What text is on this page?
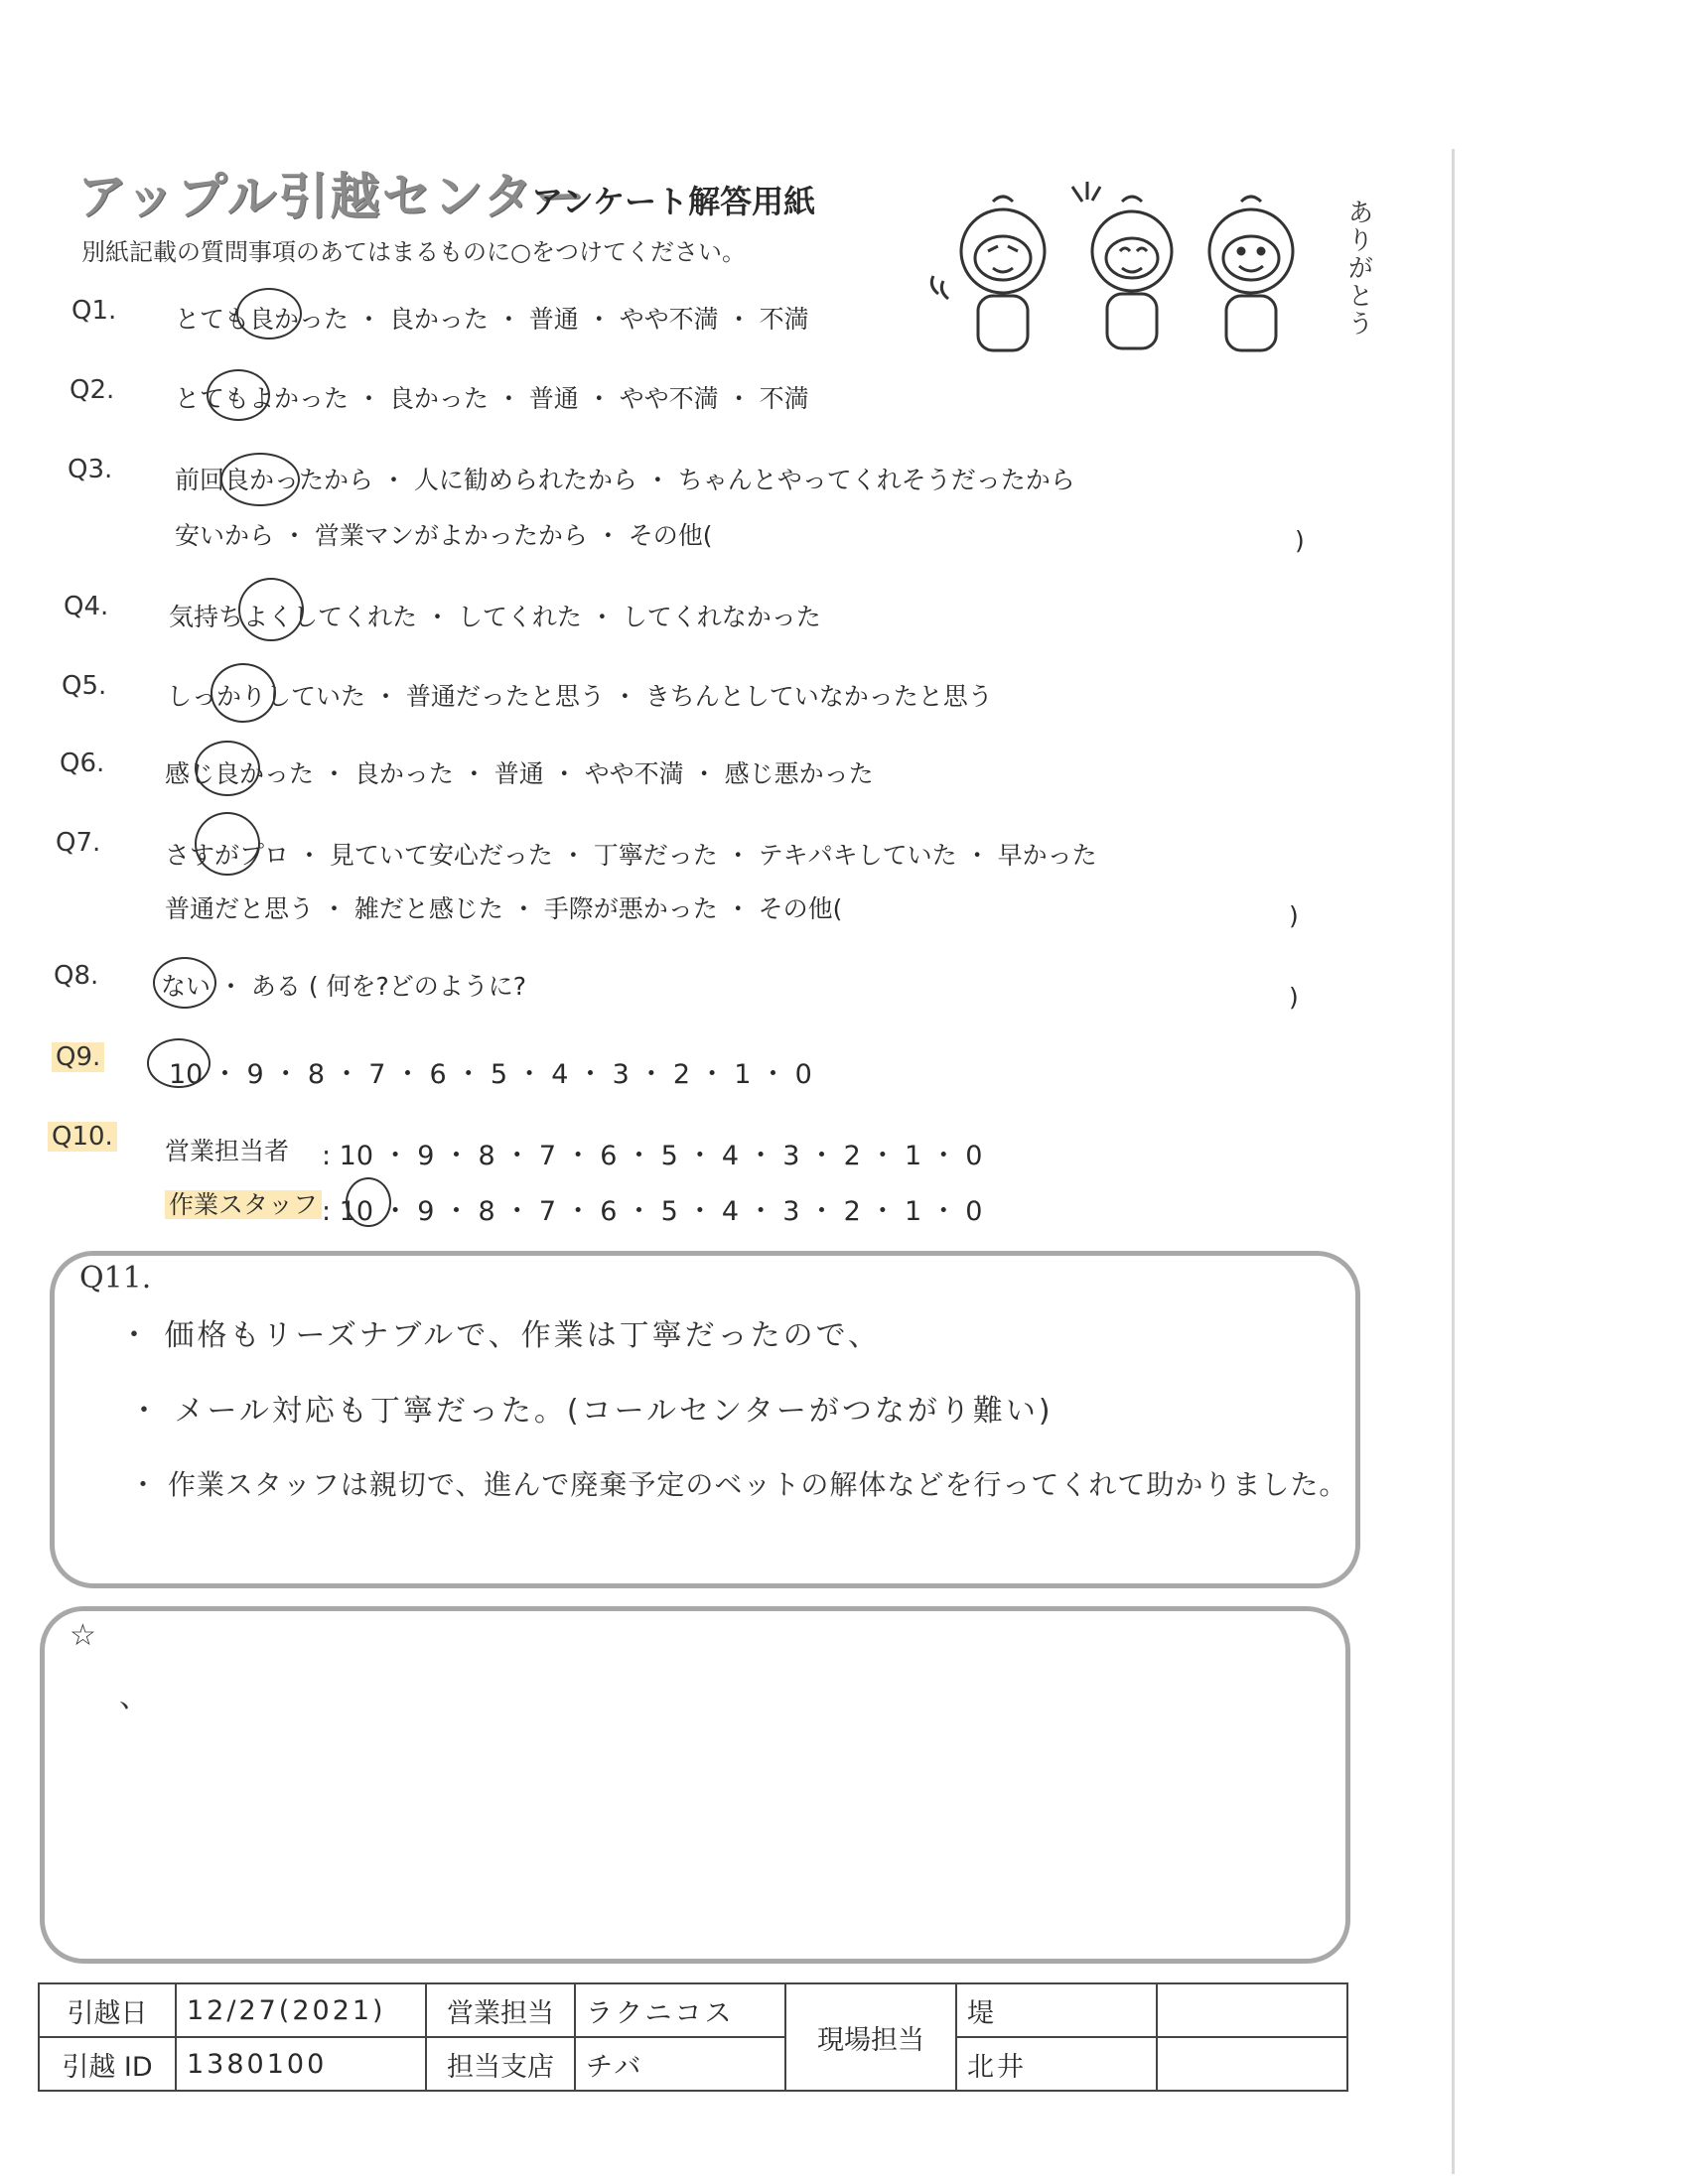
アップル引越センター
アンケート解答用紙
別紙記載の質問事項のあてはまるものに○をつけてください。	ありがとう
Q1. とても良かった ・ 良かった ・ 普通 ・ やや不満 ・ 不満
Q2. とてもよかった ・ 良かった ・ 普通 ・ やや不満 ・ 不満
Q3.	前回良かったから ・ 人に勧められたから ・ ちゃんとやってくれそうだったから
安いから ・ 営業マンがよかったから ・ その他(	)
Q4. 気持ちよくしてくれた ・ してくれた ・ してくれなかった
Q5. しっかりしていた ・ 普通だったと思う ・ きちんとしていなかったと思う
Q6. 感じ良かった ・ 良かった ・ 普通 ・ やや不満 ・ 感じ悪かった
Q7.	さすがプロ ・ 見ていて安心だった ・ 丁寧だった ・ テキパキしていた ・ 早かった
普通だと思う ・ 雑だと感じた ・ 手際が悪かった ・ その他(	)
Q8.	ない ・ ある ( 何を?どのように?	)
Q9.
10 ・ 9 ・ 8 ・ 7 ・ 6 ・ 5 ・ 4 ・ 3 ・ 2 ・ 1 ・ 0
Q10. 営業担当者
作業スタッフ
: 10 ・ 9 ・ 8 ・ 7 ・ 6 ・ 5 ・ 4 ・ 3 ・ 2 ・ 1 ・ 0
: 10 ・ 9 ・ 8 ・ 7 ・ 6 ・ 5 ・ 4 ・ 3 ・ 2 ・ 1 ・ 0
Q11.
・ 価格もリーズナブルで、作業は丁寧だったので、
・ メール対応も丁寧だった。(コールセンターがつながり難い)
・ 作業スタッフは親切で、進んで廃棄予定のベットの解体などを行ってくれて助かりました。
☆
、
引越日	12/27(2021)	営業担当	ラクニコス	現場担当	堤	
引越 ID	1380100	担当支店	チバ		北井	
